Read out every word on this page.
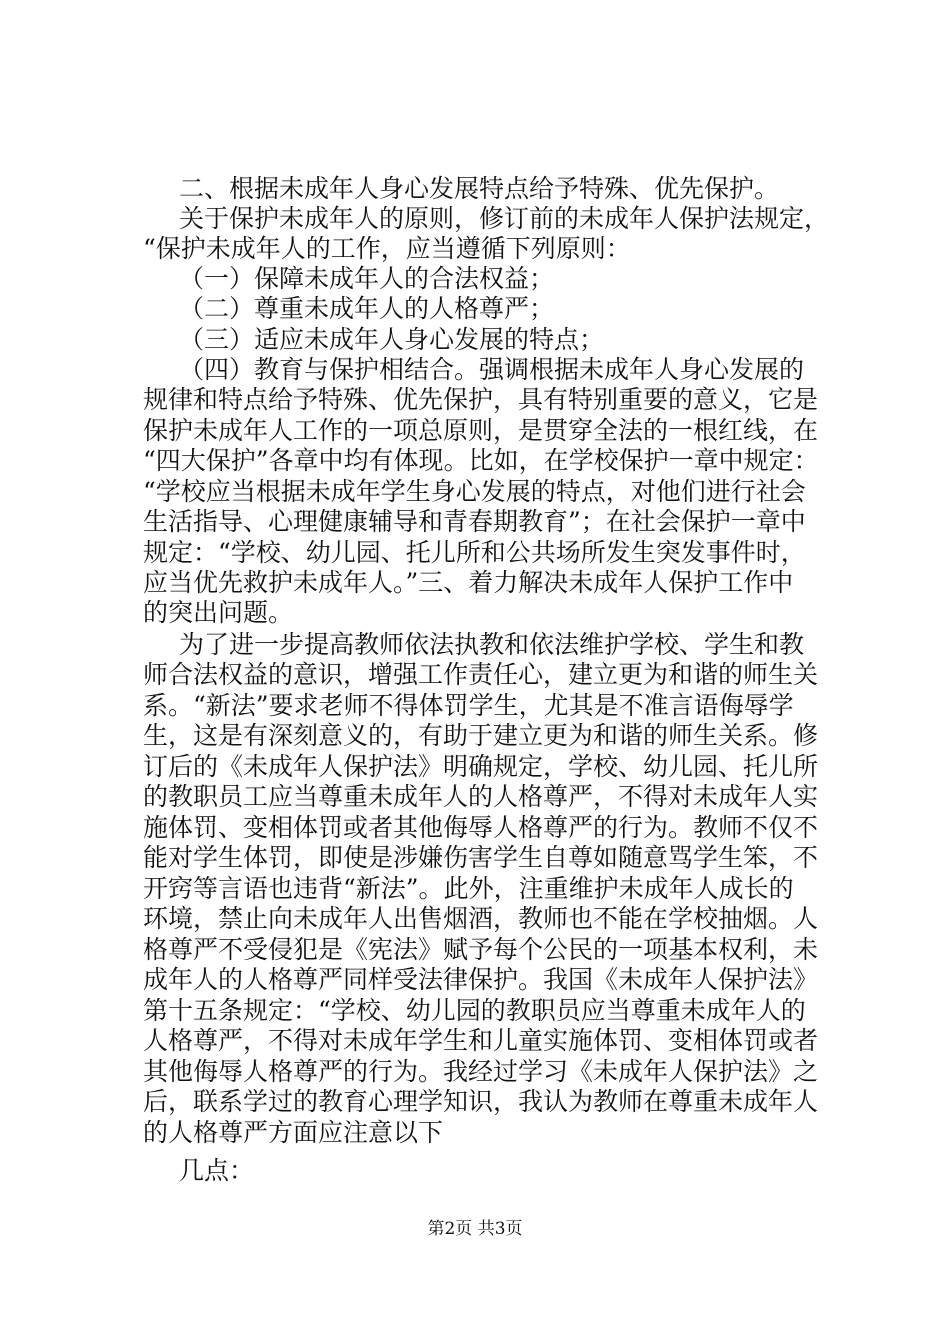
二、根据未成年人身心发展特点给予特殊、优先保护。
关于保护未成年人的原则，修订前的未成年人保护法规定，
“保护未成年人的工作，应当遵循下列原则：
（一）保障未成年人的合法权益；
（二）尊重未成年人的人格尊严；
（三）适应未成年人身心发展的特点；
（四）教育与保护相结合。强调根据未成年人身心发展的
规律和特点给予特殊、优先保护，具有特别重要的意义，它是
保护未成年人工作的一项总原则，是贯穿全法的一根红线，在
“四大保护”各章中均有体现。比如，在学校保护一章中规定：
“学校应当根据未成年学生身心发展的特点，对他们进行社会
生活指导、心理健康辅导和青春期教育”；在社会保护一章中
规定：“学校、幼儿园、托儿所和公共场所发生突发事件时，
应当优先救护未成年人。”三、着力解决未成年人保护工作中
的突出问题。
为了进一步提高教师依法执教和依法维护学校、学生和教
师合法权益的意识，增强工作责任心，建立更为和谐的师生关
系。“新法”要求老师不得体罚学生，尤其是不准言语侮辱学
生，这是有深刻意义的，有助于建立更为和谐的师生关系。修
订后的《未成年人保护法》明确规定，学校、幼儿园、托儿所
的教职员工应当尊重未成年人的人格尊严，不得对未成年人实
施体罚、变相体罚或者其他侮辱人格尊严的行为。教师不仅不
能对学生体罚，即使是涉嫌伤害学生自尊如随意骂学生笨，不
开窍等言语也违背“新法”。此外，注重维护未成年人成长的
环境，禁止向未成年人出售烟酒，教师也不能在学校抽烟。人
格尊严不受侵犯是《宪法》赋予每个公民的一项基本权利，未
成年人的人格尊严同样受法律保护。我国《未成年人保护法》
第十五条规定：“学校、幼儿园的教职员应当尊重未成年人的
人格尊严，不得对未成年学生和儿童实施体罚、变相体罚或者
其他侮辱人格尊严的行为。我经过学习《未成年人保护法》之
后，联系学过的教育心理学知识，我认为教师在尊重未成年人
的人格尊严方面应注意以下
几点：
第2页 共3页
